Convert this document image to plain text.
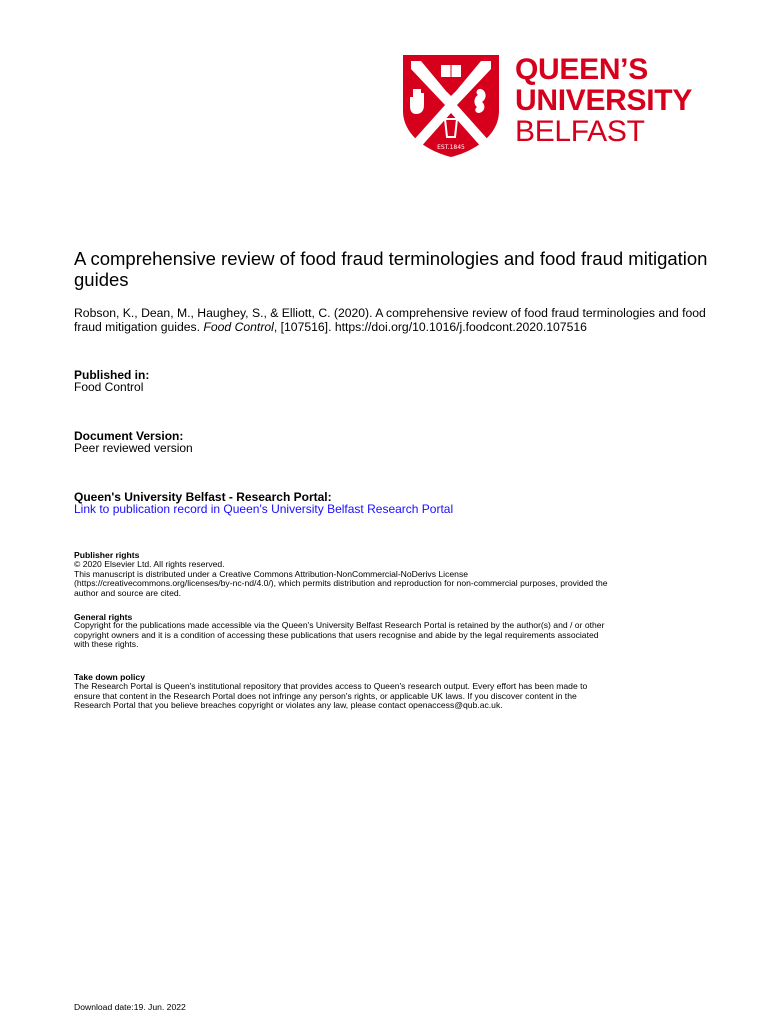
EST.1845
QUEEN’S
UNIVERSITY
BELFAST
A comprehensive review of food fraud terminologies and food fraud mitigation guides
Robson, K., Dean, M., Haughey, S., & Elliott, C. (2020). A comprehensive review of food fraud terminologies and food fraud mitigation guides. Food Control, [107516]. https://doi.org/10.1016/j.foodcont.2020.107516
Published in:
Food Control
Document Version:
Peer reviewed version
Queen's University Belfast - Research Portal:
Link to publication record in Queen's University Belfast Research Portal
Publisher rights
© 2020 Elsevier Ltd. All rights reserved.
This manuscript is distributed under a Creative Commons Attribution-NonCommercial-NoDerivs License
(https://creativecommons.org/licenses/by-nc-nd/4.0/), which permits distribution and reproduction for non-commercial purposes, provided the
author and source are cited.
General rights
Copyright for the publications made accessible via the Queen's University Belfast Research Portal is retained by the author(s) and / or other
copyright owners and it is a condition of accessing these publications that users recognise and abide by the legal requirements associated
with these rights.
Take down policy
The Research Portal is Queen's institutional repository that provides access to Queen's research output. Every effort has been made to
ensure that content in the Research Portal does not infringe any person's rights, or applicable UK laws. If you discover content in the
Research Portal that you believe breaches copyright or violates any law, please contact openaccess@qub.ac.uk.
Download date:19. Jun. 2022
